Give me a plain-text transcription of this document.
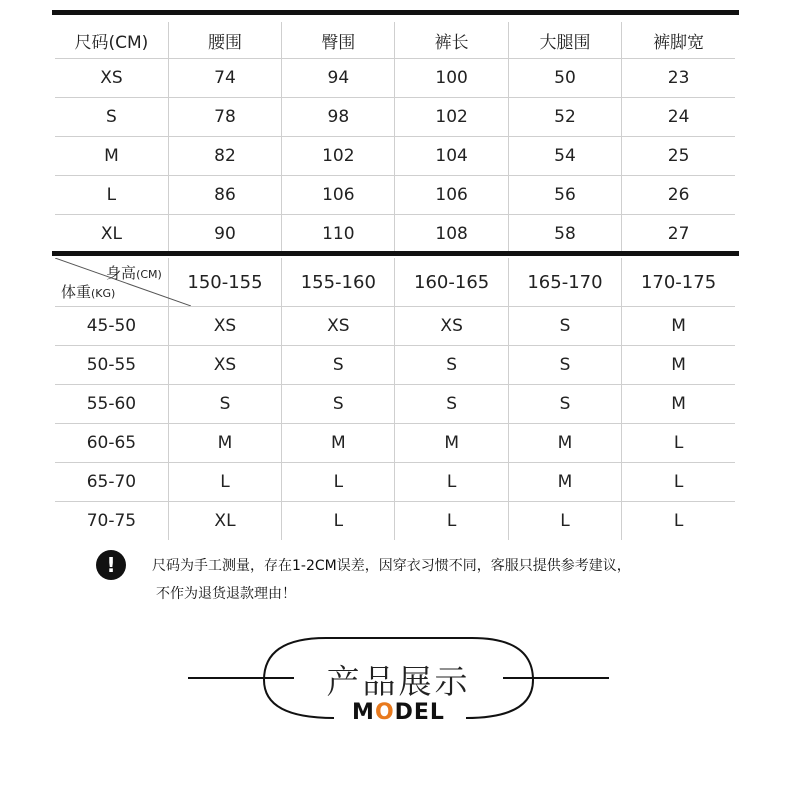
尺码(CM)	腰围	臀围	裤长	大腿围	裤脚宽
XS	74	94	100	50	23
S	78	98	102	52	24
M	82	102	104	54	25
L	86	106	106	56	26
XL	90	110	108	58	27
身高(CM)
体重(KG)	150-155	155-160	160-165	165-170	170-175
45-50	XS	XS	XS	S	M
50-55	XS	S	S	S	M
55-60	S	S	S	S	M
60-65	M	M	M	M	L
65-70	L	L	L	M	L
70-75	XL	L	L	L	L
!	尺码为手工测量，存在1-2CM误差，因穿衣习惯不同，客服只提供参考建议，
不作为退货退款理由！
产品展示
MODEL
